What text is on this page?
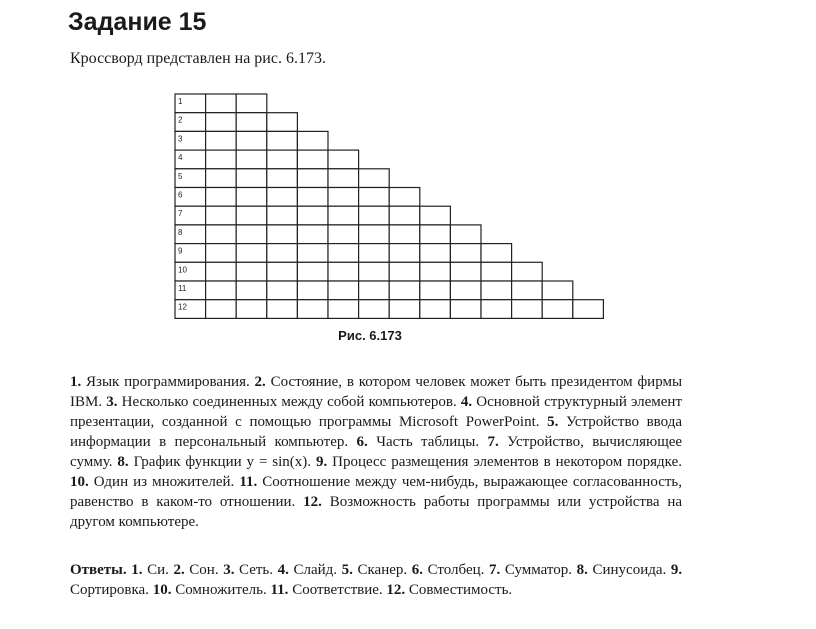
Задание 15

Кроссворд представлен на рис. 6.173.

1
2
3
4
5
6
7
8
9
10
11
12

Рис. 6.173

1. Язык программирования. 2. Состояние, в котором человек может быть президентом фирмы IBM. 3. Несколько соединенных между собой компьютеров. 4. Основной структурный элемент презентации, созданной с помощью программы Microsoft PowerPoint. 5. Устройство ввода информации в персональный компьютер. 6. Часть таблицы. 7. Устройство, вычисляющее сумму. 8. График функции y = sin(x). 9. Процесс размещения элементов в некотором порядке. 10. Один из множителей. 11. Соотношение между чем-нибудь, выражающее согласованность, равенство в каком-то отношении. 12. Возможность работы программы или устройства на другом компьютере.

Ответы. 1. Си. 2. Сон. 3. Сеть. 4. Слайд. 5. Сканер. 6. Столбец. 7. Сумматор. 8. Синусоида. 9. Сортировка. 10. Сомножитель. 11. Соответствие. 12. Совместимость.
